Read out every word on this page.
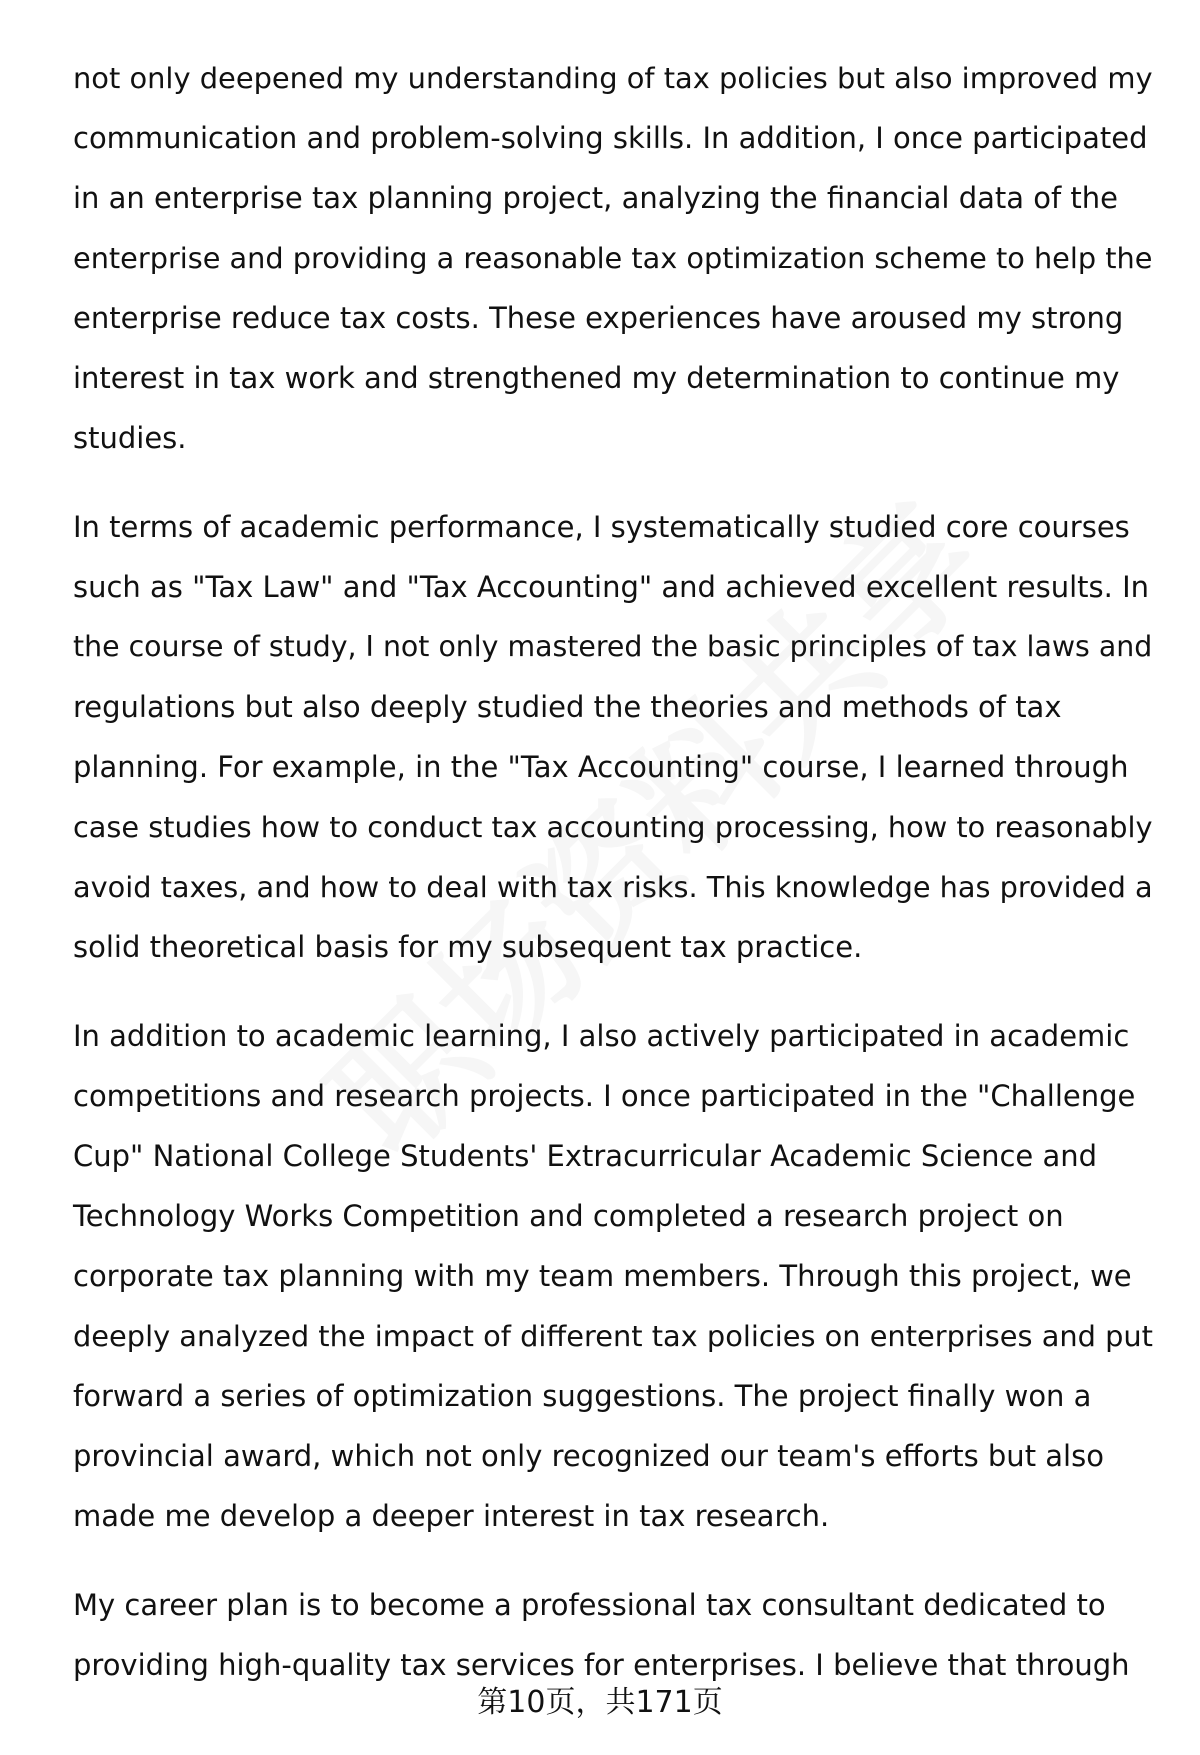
not only deepened my understanding of tax policies but also improved my
communication and problem-solving skills. In addition, I once participated
in an enterprise tax planning project, analyzing the financial data of the
enterprise and providing a reasonable tax optimization scheme to help the
enterprise reduce tax costs. These experiences have aroused my strong
interest in tax work and strengthened my determination to continue my
studies.

In terms of academic performance, I systematically studied core courses
such as "Tax Law" and "Tax Accounting" and achieved excellent results. In
the course of study, I not only mastered the basic principles of tax laws and
regulations but also deeply studied the theories and methods of tax
planning. For example, in the "Tax Accounting" course, I learned through
case studies how to conduct tax accounting processing, how to reasonably
avoid taxes, and how to deal with tax risks. This knowledge has provided a
solid theoretical basis for my subsequent tax practice.

In addition to academic learning, I also actively participated in academic
competitions and research projects. I once participated in the "Challenge
Cup" National College Students' Extracurricular Academic Science and
Technology Works Competition and completed a research project on
corporate tax planning with my team members. Through this project, we
deeply analyzed the impact of different tax policies on enterprises and put
forward a series of optimization suggestions. The project finally won a
provincial award, which not only recognized our team's efforts but also
made me develop a deeper interest in tax research.

My career plan is to become a professional tax consultant dedicated to
providing high-quality tax services for enterprises. I believe that through

第10页，共171页
